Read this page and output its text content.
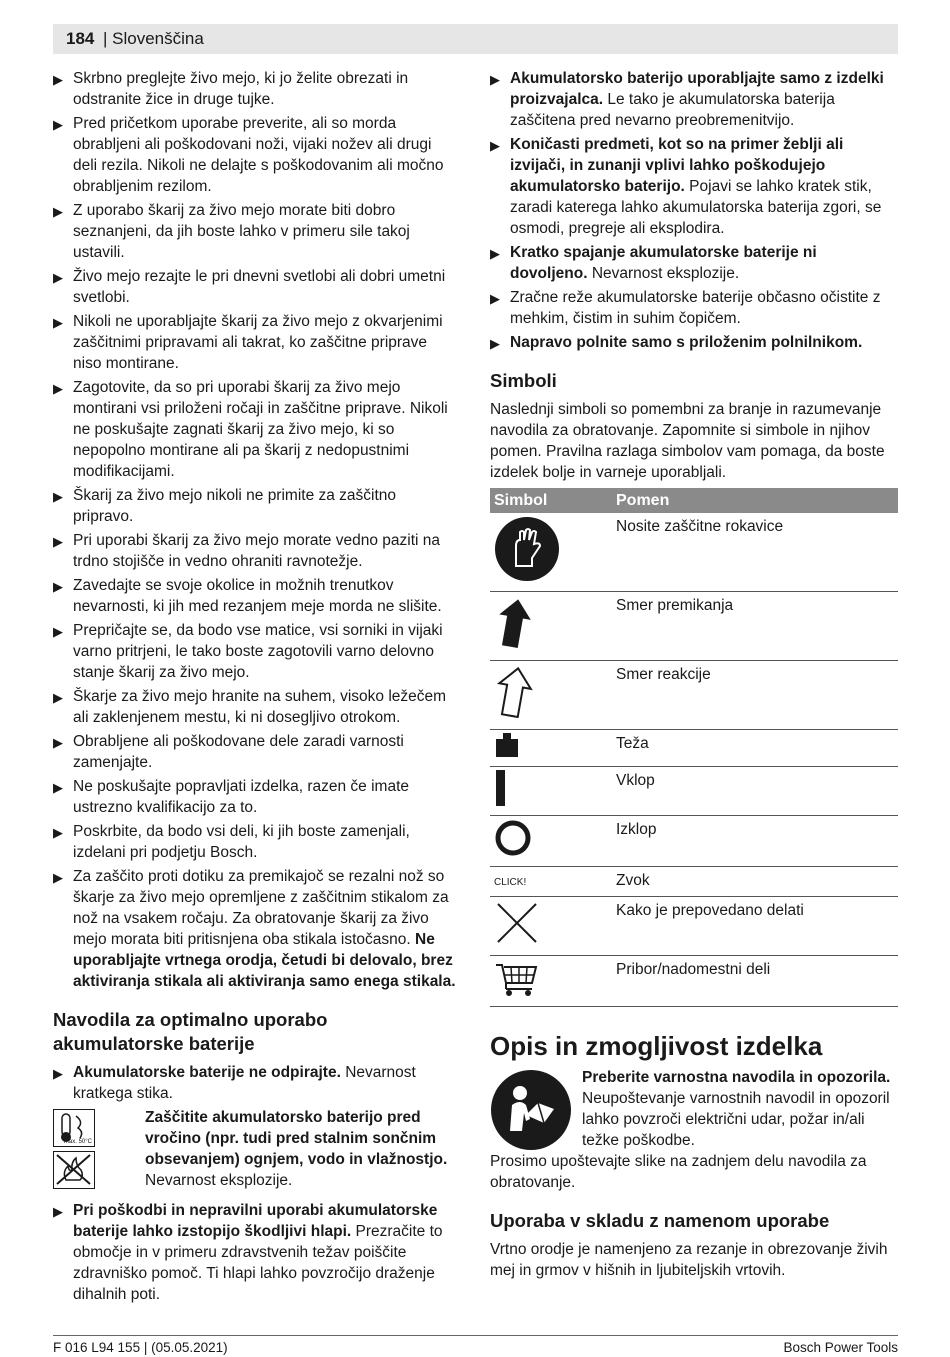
184 | Slovenščina
▶ Skrbno preglejte živo mejo, ki jo želite obrezati in odstranite žice in druge tujke.
▶ Pred pričetkom uporabe preverite, ali so morda obrabljeni ali poškodovani noži, vijaki nožev ali drugi deli rezila. Nikoli ne delajte s poškodovanim ali močno obrabljenim rezilom.
▶ Z uporabo škarij za živo mejo morate biti dobro seznanjeni, da jih boste lahko v primeru sile takoj ustavili.
▶ Živo mejo rezajte le pri dnevni svetlobi ali dobri umetni svetlobi.
▶ Nikoli ne uporabljajte škarij za živo mejo z okvarjenimi zaščitnimi pripravami ali takrat, ko zaščitne priprave niso montirane.
▶ Zagotovite, da so pri uporabi škarij za živo mejo montirani vsi priloženi ročaji in zaščitne priprave. Nikoli ne poskušajte zagnati škarij za živo mejo, ki so nepopolno montirane ali pa škarij z nedopustnimi modifikacijami.
▶ Škarij za živo mejo nikoli ne primite za zaščitno pripravo.
▶ Pri uporabi škarij za živo mejo morate vedno paziti na trdno stojišče in vedno ohraniti ravnotežje.
▶ Zavedajte se svoje okolice in možnih trenutkov nevarnosti, ki jih med rezanjem meje morda ne slišite.
▶ Prepričajte se, da bodo vse matice, vsi sorniki in vijaki varno pritrjeni, le tako boste zagotovili varno delovno stanje škarij za živo mejo.
▶ Škarje za živo mejo hranite na suhem, visoko ležečem ali zaklenjenem mestu, ki ni dosegljivo otrokom.
▶ Obrabljene ali poškodovane dele zaradi varnosti zamenjajte.
▶ Ne poskušajte popravljati izdelka, razen če imate ustrezno kvalifikacijo za to.
▶ Poskrbite, da bodo vsi deli, ki jih boste zamenjali, izdelani pri podjetju Bosch.
▶ Za zaščito proti dotiku za premikajoč se rezalni nož so škarje za živo mejo opremljene z zaščitnim stikalom za nož na vsakem ročaju. Za obratovanje škarij za živo mejo morata biti pritisnjena oba stikala istočasno. Ne uporabljajte vrtnega orodja, četudi bi delovalo, brez aktiviranja stikala ali aktiviranja samo enega stikala.
Navodila za optimalno uporabo akumulatorske baterije
▶ Akumulatorske baterije ne odpirajte. Nevarnost kratkega stika.
max. 50°C
Zaščitite akumulatorsko baterijo pred vročino (npr. tudi pred stalnim sončnim obsevanjem) ognjem, vodo in vlažnostjo. Nevarnost eksplozije.
▶ Pri poškodbi in nepravilni uporabi akumulatorske baterije lahko izstopijo škodljivi hlapi. Prezračite to območje in v primeru zdravstvenih težav poiščite zdravniško pomoč. Ti hlapi lahko povzročijo draženje dihalnih poti.
▶ Akumulatorsko baterijo uporabljajte samo z izdelki proizvajalca. Le tako je akumulatorska baterija zaščitena pred nevarno preobremenitvijo.
▶ Koničasti predmeti, kot so na primer žeblji ali izvijači, in zunanji vplivi lahko poškodujejo akumulatorsko baterijo. Pojavi se lahko kratek stik, zaradi katerega lahko akumulatorska baterija zgori, se osmodi, pregreje ali eksplodira.
▶ Kratko spajanje akumulatorske baterije ni dovoljeno. Nevarnost eksplozije.
▶ Zračne reže akumulatorske baterije občasno očistite z mehkim, čistim in suhim čopičem.
▶ Napravo polnite samo s priloženim polnilnikom.
Simboli

Naslednji simboli so pomembni za branje in razumevanje navodila za obratovanje. Zapomnite si simbole in njihov pomen. Pravilna razlaga simbolov vam pomaga, da boste izdelek bolje in varneje uporabljali.

Simbol	Pomen
	Nosite zaščitne rokavice
	Smer premikanja
	Smer reakcije
	Teža
	Vklop
	Izklop
CLICK!	Zvok
	Kako je prepovedano delati
	Pribor/nadomestni deli
Opis in zmogljivost izdelka
Preberite varnostna navodila in opozorila. Neupoštevanje varnostnih navodil in opozoril lahko povzroči električni udar, požar in/ali težke poškodbe.

Prosimo upoštevajte slike na zadnjem delu navodila za obratovanje.

Uporaba v skladu z namenom uporabe

Vrtno orodje je namenjeno za rezanje in obrezovanje živih mej in grmov v hišnih in ljubiteljskih vrtovih.

F 016 L94 155 | (05.05.2021)	Bosch Power Tools
